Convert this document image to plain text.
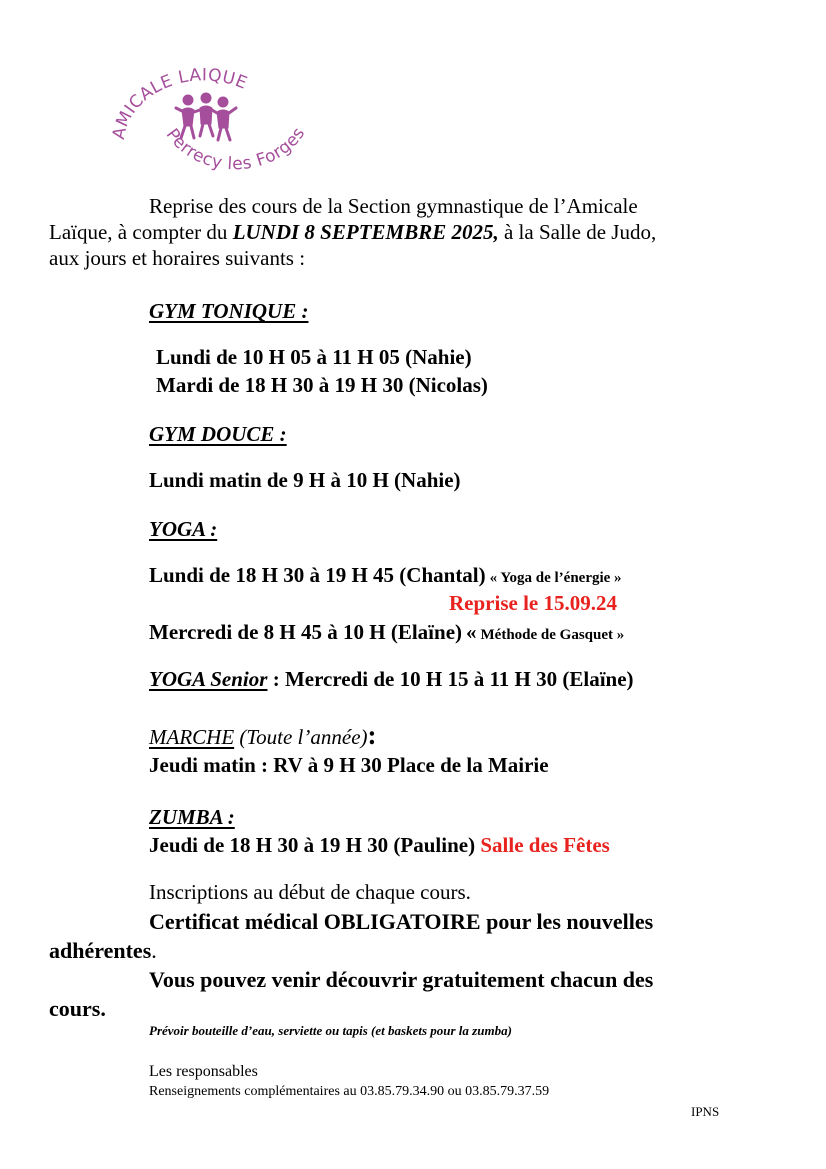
AMICALE LAIQUE
Perrecy les Forges
Reprise des cours de la Section gymnastique de l’Amicale
Laïque, à compter du LUNDI 8 SEPTEMBRE 2025, à la Salle de Judo,
aux jours et horaires suivants :
GYM TONIQUE :
Lundi de 10 H 05 à 11 H 05 (Nahie)
Mardi de 18 H 30 à 19 H 30 (Nicolas)
GYM DOUCE :
Lundi matin de 9 H à 10 H (Nahie)
YOGA :
Lundi de 18 H 30 à 19 H 45 (Chantal) « Yoga de l’énergie »
Reprise le 15.09.24
Mercredi de 8 H 45 à 10 H (Elaïne) « Méthode de Gasquet »
YOGA Senior : Mercredi de 10 H 15 à 11 H 30 (Elaïne)
MARCHE (Toute l’année):
Jeudi matin : RV à 9 H 30 Place de la Mairie
ZUMBA :
Jeudi de 18 H 30 à 19 H 30 (Pauline) Salle des Fêtes
Inscriptions au début de chaque cours.
Certificat médical OBLIGATOIRE pour les nouvelles
adhérentes.
Vous pouvez venir découvrir gratuitement chacun des
cours.
Prévoir bouteille d’eau, serviette ou tapis (et baskets pour la zumba)
Les responsables
Renseignements complémentaires au 03.85.79.34.90 ou 03.85.79.37.59
IPNS
